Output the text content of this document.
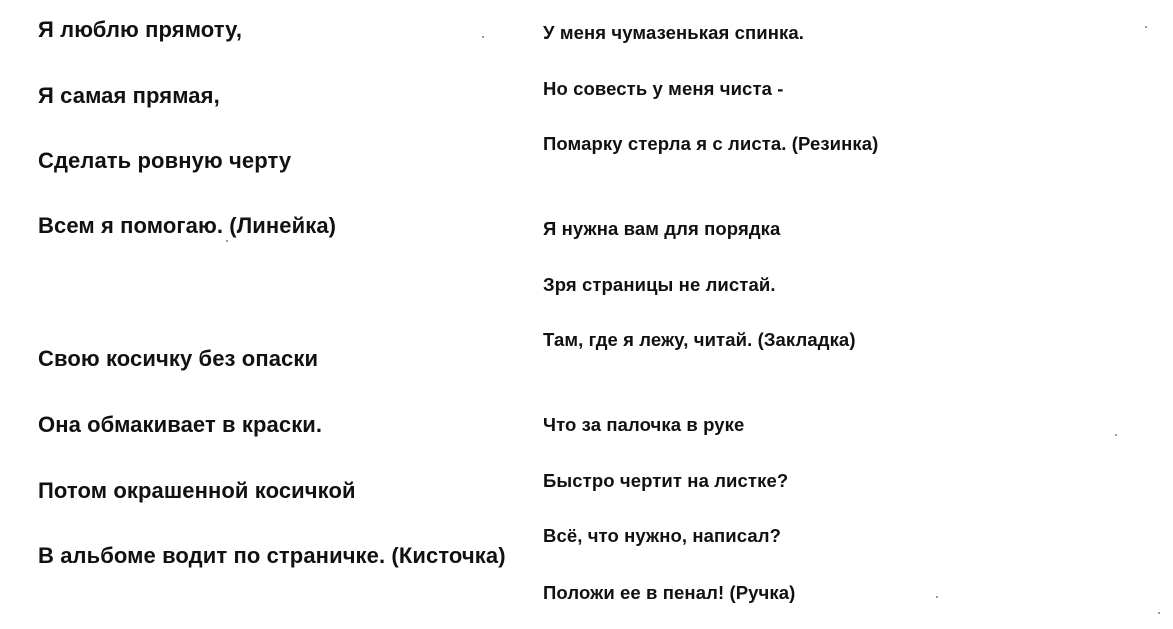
Я люблю прямоту,
Я самая прямая,
Сделать ровную черту
Всем я помогаю. (Линейка)
Свою косичку без опаски
Она обмакивает в краски.
Потом окрашенной косичкой
В альбоме водит по страничке. (Кисточка)
У меня чумазенькая спинка.
Но совесть у меня чиста -
Помарку стерла я с листа. (Резинка)
Я нужна вам для порядка
Зря страницы не листай.
Там, где я лежу, читай. (Закладка)
Что за палочка в руке
Быстро чертит на листке?
Всё, что нужно, написал?
Положи ее в пенал! (Ручка)
